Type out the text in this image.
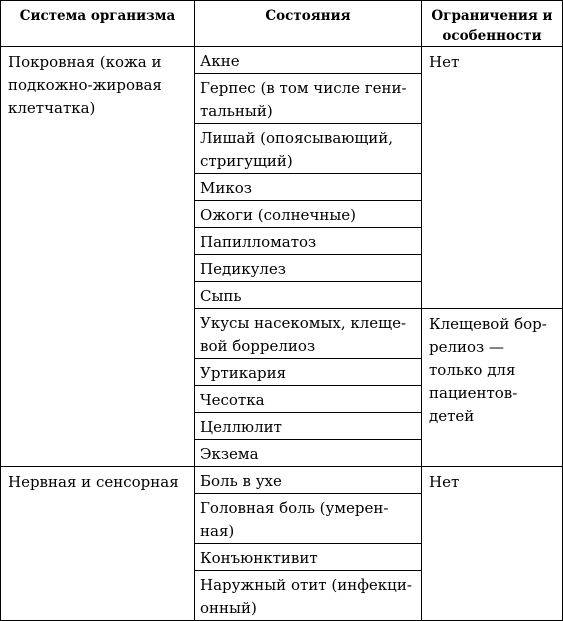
Система организма	Состояния	Ограничения и особенности
Покровная (кожа и подкожно-жировая клетчатка)	Акне	Нет
	Герпес (в том числе гени-тальный)	
	Лишай (опоясывающий, стригущий)	
	Микоз	
	Ожоги (солнечные)	
	Папилломатоз	
	Педикулез	
	Сыпь	
	Укусы насекомых, клеще-вой боррелиоз	Клещевой бор-релиоз — только для пациентов-детей
	Уртикария	
	Чесотка	
	Целлюлит	
	Экзема	
Нервная и сенсорная	Боль в ухе	Нет
	Головная боль (умерен-ная)	
	Конъюнктивит	
	Наружный отит (инфекци-онный)	
